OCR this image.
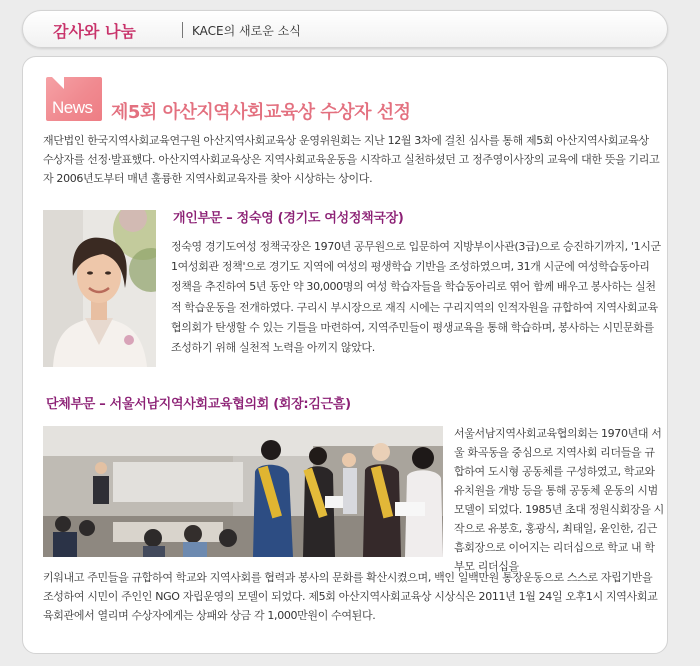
감사와 나눔	KACE의 새로운 소식
News 제5회 아산지역사회교육상 수상자 선정

재단법인 한국지역사회교육연구원 아산지역사회교육상 운영위원회는 지난 12월 3차에 걸친 심사를 통해 제5회 아산지역사회교육상 수상자를 선정·발표했다. 아산지역사회교육상은 지역사회교육운동을 시작하고 실천하셨던 고 정주영이사장의 교육에 대한 뜻을 기리고자 2006년도부터 매년 훌륭한 지역사회교육자를 찾아 시상하는 상이다.

개인부문 – 정숙영 (경기도 여성정책국장)

정숙영 경기도여성 정책국장은 1970년 공무원으로 입문하여 지방부이사관(3급)으로 승진하기까지, '1시군 1여성회관 정책'으로 경기도 지역에 여성의 평생학습 기반을 조성하였으며, 31개 시군에 여성학습동아리 정책을 추진하여 5년 동안 약 30,000명의 여성 학습자들을 학습동아리로 엮어 함께 배우고 봉사하는 실천적 학습운동을 전개하였다. 구리시 부시장으로 재직 시에는 구리지역의 인적자원을 규합하여 지역사회교육협의회가 탄생할 수 있는 기틀을 마련하여, 지역주민들이 평생교육을 통해 학습하며, 봉사하는 시민문화를 조성하기 위해 실천적 노력을 아끼지 않았다.

단체부문 – 서울서남지역사회교육협의회 (회장:김근흠)

서울서남지역사회교육협의회는 1970년대 서울 화곡동을 중심으로 지역사회 리더들을 규합하여 도시형 공동체를 구성하였고, 학교와 유치원을 개방 등을 통해 공동체 운동의 시범모델이 되었다. 1985년 초대 정원식회장을 시작으로 유봉호, 홍광식, 최태일, 윤인한, 김근흠회장으로 이어지는 리더십으로 학교 내 학부모 리더십을

키워내고 주민들을 규합하여 학교와 지역사회를 협력과 봉사의 문화를 확산시켰으며, 백인 일백만원 통장운동으로 스스로 자립기반을 조성하여 시민이 주인인 NGO 자립운영의 모델이 되었다. 제5회 아산지역사회교육상 시상식은 2011년 1월 24일 오후1시 지역사회교육회관에서 열리며 수상자에게는 상패와 상금 각 1,000만원이 수여된다.
